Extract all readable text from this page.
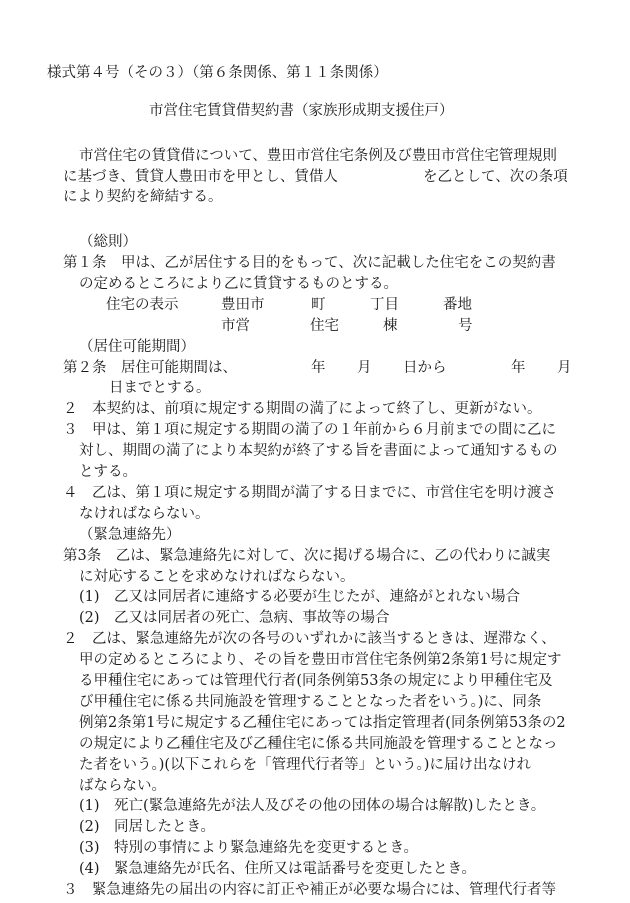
様式第４号（その３）（第６条関係、第１１条関係）
市営住宅賃貸借契約書（家族形成期支援住戸）
市営住宅の賃貸借について、豊田市営住宅条例及び豊田市営住宅管理規則
に基づき、賃貸人豊田市を甲とし、賃借人	を乙として、次の条項
により契約を締結する。
（総則）
第１条　甲は、乙が居住する目的をもって、次に記載した住宅をこの契約書
の定めるところにより乙に賃貸するものとする。
住宅の表示	豊田市	町	丁目	番地
市営	住宅	棟	号
（居住可能期間）
第２条　居住可能期間は、	年 月 日から	年 月
日までとする。
２　本契約は、前項に規定する期間の満了によって終了し、更新がない。
３　甲は、第１項に規定する期間の満了の１年前から６月前までの間に乙に
対し、期間の満了により本契約が終了する旨を書面によって通知するもの
とする。
４　乙は、第１項に規定する期間が満了する日までに、市営住宅を明け渡さ
なければならない。
（緊急連絡先）
第3条　乙は、緊急連絡先に対して、次に掲げる場合に、乙の代わりに誠実
に対応することを求めなければならない。
(1)　乙又は同居者に連絡する必要が生じたが、連絡がとれない場合
(2)　乙又は同居者の死亡、急病、事故等の場合
２　乙は、緊急連絡先が次の各号のいずれかに該当するときは、遅滞なく、
甲の定めるところにより、その旨を豊田市営住宅条例第2条第1号に規定す
る甲種住宅にあっては管理代行者(同条例第53条の規定により甲種住宅及
び甲種住宅に係る共同施設を管理することとなった者をいう。)に、同条
例第2条第1号に規定する乙種住宅にあっては指定管理者(同条例第53条の2
の規定により乙種住宅及び乙種住宅に係る共同施設を管理することとなっ
た者をいう。)(以下これらを「管理代行者等」という。)に届け出なけれ
ばならない。
(1)　死亡(緊急連絡先が法人及びその他の団体の場合は解散)したとき。
(2)　同居したとき。
(3)　特別の事情により緊急連絡先を変更するとき。
(4)　緊急連絡先が氏名、住所又は電話番号を変更したとき。
３　緊急連絡先の届出の内容に訂正や補正が必要な場合には、管理代行者等
